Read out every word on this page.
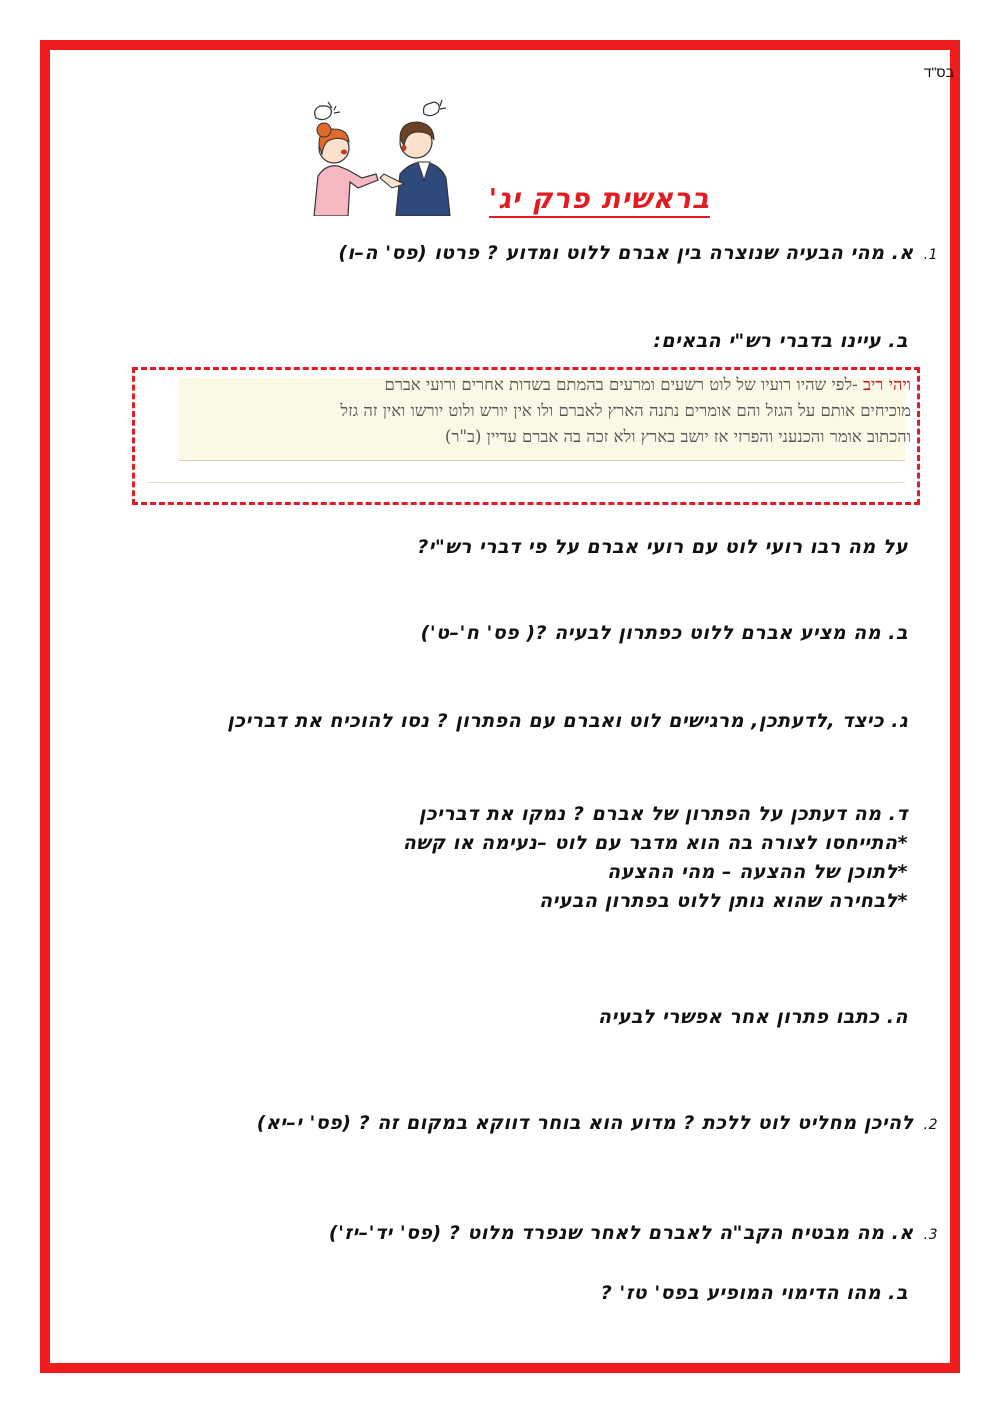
בס"ד
בראשית פרק יג'
1.א. מהי הבעיה שנוצרה בין אברם ללוט ומדוע ? פרטו (פס' ה–ו)
ב. עיינו בדברי רש"י הבאים:
ויהי ריב -לפי שהיו רועיו של לוט רשעים ומרעים בהמתם בשדות אחרים ורועי אברם
מוכיחים אותם על הגזל והם אומרים נתנה הארץ לאברם ולו אין יורש ולוט יורשו ואין זה גזל
והכתוב אומר והכנעני והפרזי אז יושב בארץ ולא זכה בה אברם עדיין (ב"ר)
על מה רבו רועי לוט עם רועי אברם על פי דברי רש"י?
ב. מה מציע אברם ללוט כפתרון לבעיה ?( פס' ח'–ט')
ג. כיצד ,לדעתכן, מרגישים לוט ואברם עם הפתרון ? נסו להוכיח את דבריכן
ד. מה דעתכן על הפתרון של אברם ? נמקו את דבריכן
*התייחסו לצורה בה הוא מדבר עם לוט –נעימה או קשה
*לתוכן של ההצעה – מהי ההצעה
*לבחירה שהוא נותן ללוט בפתרון הבעיה
ה. כתבו פתרון אחר אפשרי לבעיה
2.להיכן מחליט לוט ללכת ? מדוע הוא בוחר דווקא במקום זה ? (פס' י–יא)
3.א. מה מבטיח הקב"ה לאברם לאחר שנפרד מלוט ? (פס' יד'–יז')
ב. מהו הדימוי המופיע בפס' טז' ?
